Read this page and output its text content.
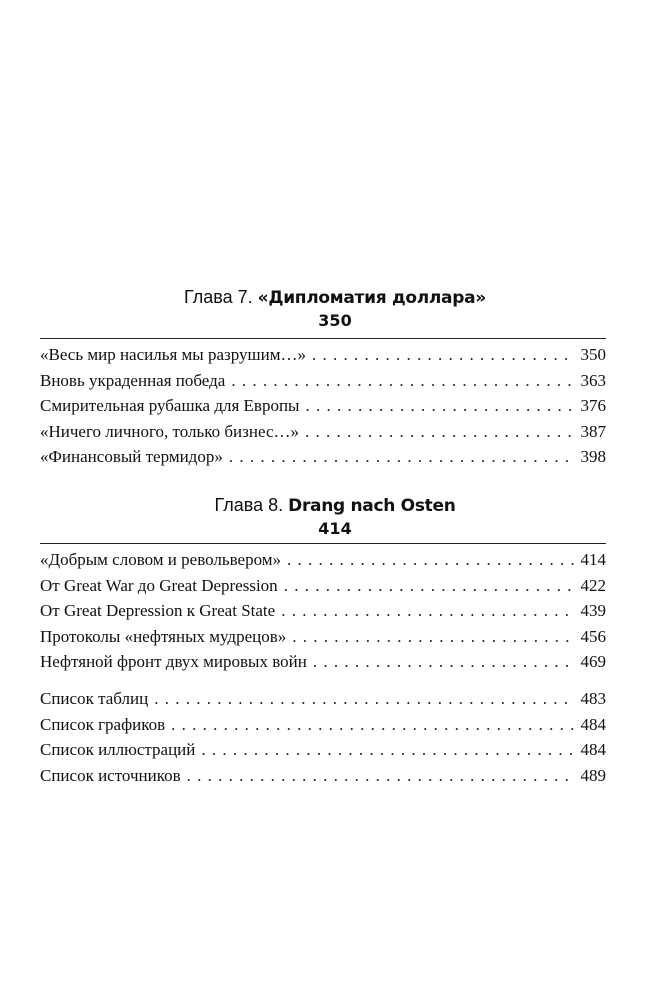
Глава 7. «Дипломатия доллара»
350
«Весь мир насилья мы разрушим…» . . .	350
Вновь украденная победа . . .	363
Смирительная рубашка для Европы . . .	376
«Ничего личного, только бизнес…» . . .	387
«Финансовый термидор» . . .	398
Глава 8. Drang nach Osten
414
«Добрым словом и револьвером» . . .	414
От Great War до Great Depression . . .	422
От Great Depression к Great State . . .	439
Протоколы «нефтяных мудрецов» . . .	456
Нефтяной фронт двух мировых войн . . .	469
Список таблиц . . .	483
Список графиков . . .	484
Список иллюстраций . . .	484
Список источников . . .	489
